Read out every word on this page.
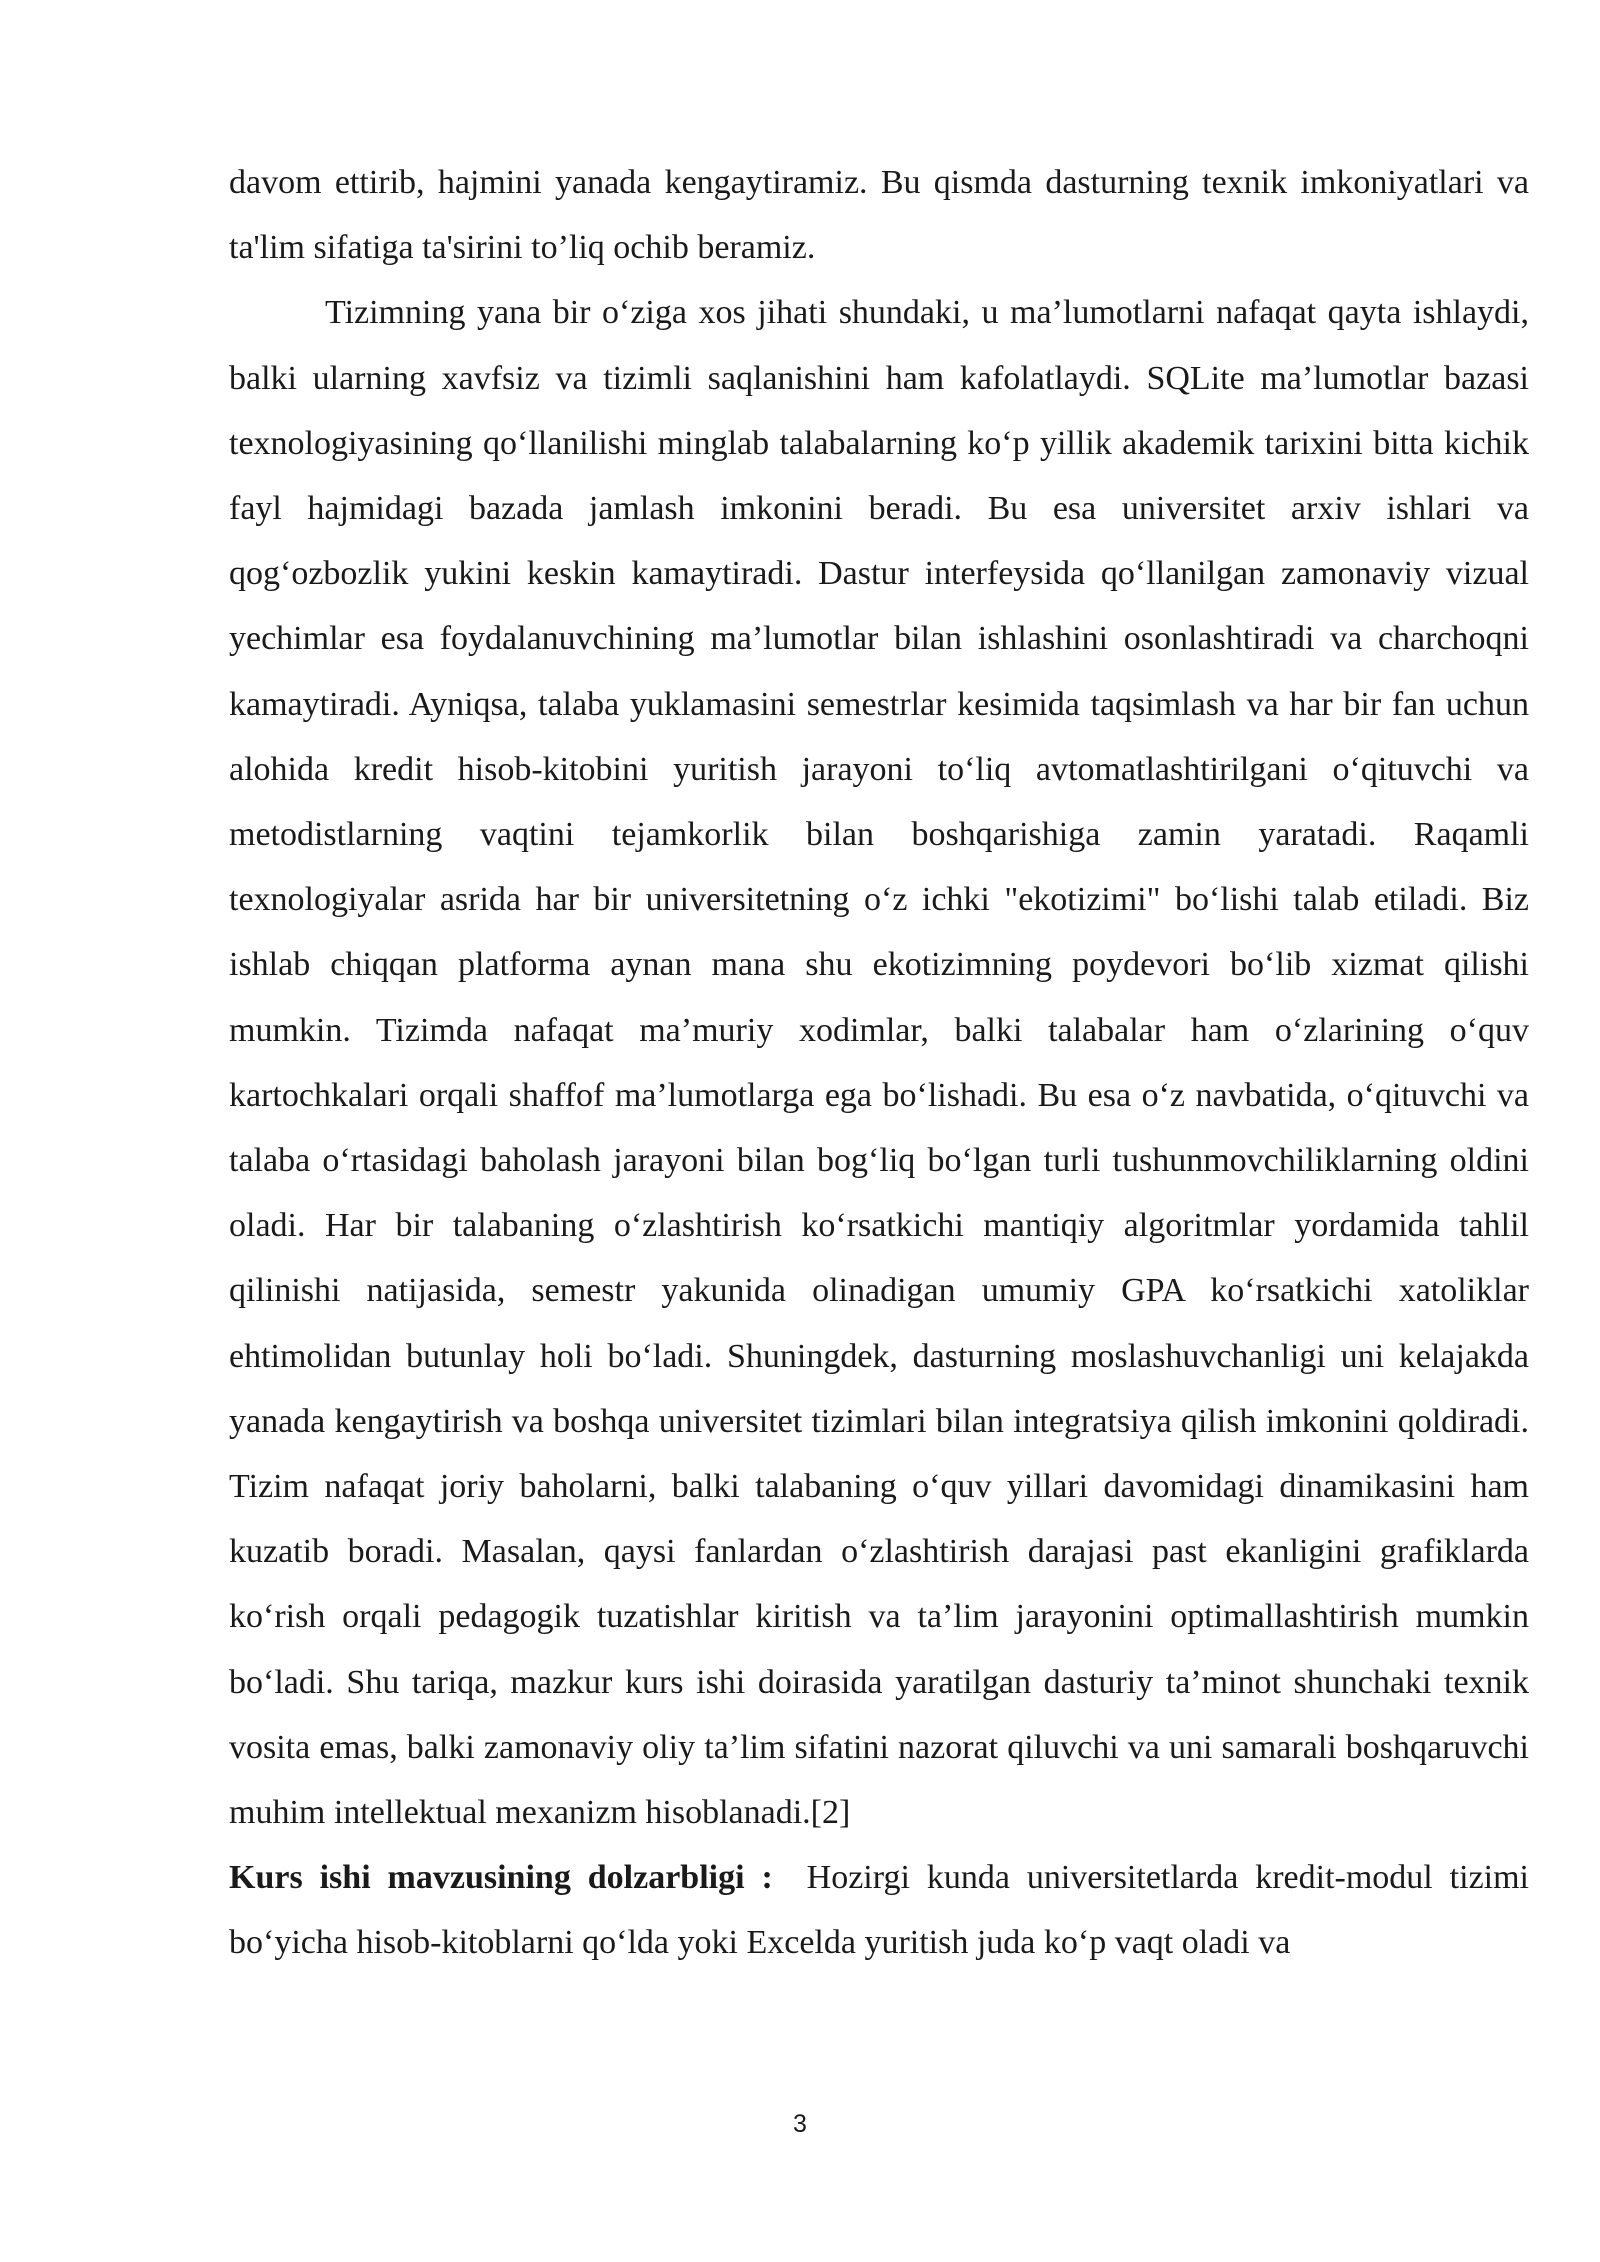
davom ettirib, hajmini yanada kengaytiramiz. Bu qismda dasturning texnik imkoniyatlari va ta'lim sifatiga ta'sirini to’liq ochib beramiz.

Tizimning yana bir o‘ziga xos jihati shundaki, u ma’lumotlarni nafaqat qayta ishlaydi, balki ularning xavfsiz va tizimli saqlanishini ham kafolatlaydi. SQLite ma’lumotlar bazasi texnologiyasining qo‘llanilishi minglab talabalarning ko‘p yillik akademik tarixini bitta kichik fayl hajmidagi bazada jamlash imkonini beradi. Bu esa universitet arxiv ishlari va qog‘ozbozlik yukini keskin kamaytiradi. Dastur interfeysida qo‘llanilgan zamonaviy vizual yechimlar esa foydalanuvchining ma’lumotlar bilan ishlashini osonlashtiradi va charchoqni kamaytiradi. Ayniqsa, talaba yuklamasini semestrlar kesimida taqsimlash va har bir fan uchun alohida kredit hisob-kitobini yuritish jarayoni to‘liq avtomatlashtirilgani o‘qituvchi va metodistlarning vaqtini tejamkorlik bilan boshqarishiga zamin yaratadi. Raqamli texnologiyalar asrida har bir universitetning o‘z ichki "ekotizimi" bo‘lishi talab etiladi. Biz ishlab chiqqan platforma aynan mana shu ekotizimning poydevori bo‘lib xizmat qilishi mumkin. Tizimda nafaqat ma’muriy xodimlar, balki talabalar ham o‘zlarining o‘quv kartochkalari orqali shaffof ma’lumotlarga ega bo‘lishadi. Bu esa o‘z navbatida, o‘qituvchi va talaba o‘rtasidagi baholash jarayoni bilan bog‘liq bo‘lgan turli tushunmovchiliklarning oldini oladi. Har bir talabaning o‘zlashtirish ko‘rsatkichi mantiqiy algoritmlar yordamida tahlil qilinishi natijasida, semestr yakunida olinadigan umumiy GPA ko‘rsatkichi xatoliklar ehtimolidan butunlay holi bo‘ladi. Shuningdek, dasturning moslashuvchanligi uni kelajakda yanada kengaytirish va boshqa universitet tizimlari bilan integratsiya qilish imkonini qoldiradi. Tizim nafaqat joriy baholarni, balki talabaning o‘quv yillari davomidagi dinamikasini ham kuzatib boradi. Masalan, qaysi fanlardan o‘zlashtirish darajasi past ekanligini grafiklarda ko‘rish orqali pedagogik tuzatishlar kiritish va ta’lim jarayonini optimallashtirish mumkin bo‘ladi. Shu tariqa, mazkur kurs ishi doirasida yaratilgan dasturiy ta’minot shunchaki texnik vosita emas, balki zamonaviy oliy ta’lim sifatini nazorat qiluvchi va uni samarali boshqaruvchi muhim intellektual mexanizm hisoblanadi.[2]

Kurs ishi mavzusining dolzarbligi : Hozirgi kunda universitetlarda kredit-modul tizimi bo‘yicha hisob-kitoblarni qo‘lda yoki Excelda yuritish juda ko‘p vaqt oladi va

3
